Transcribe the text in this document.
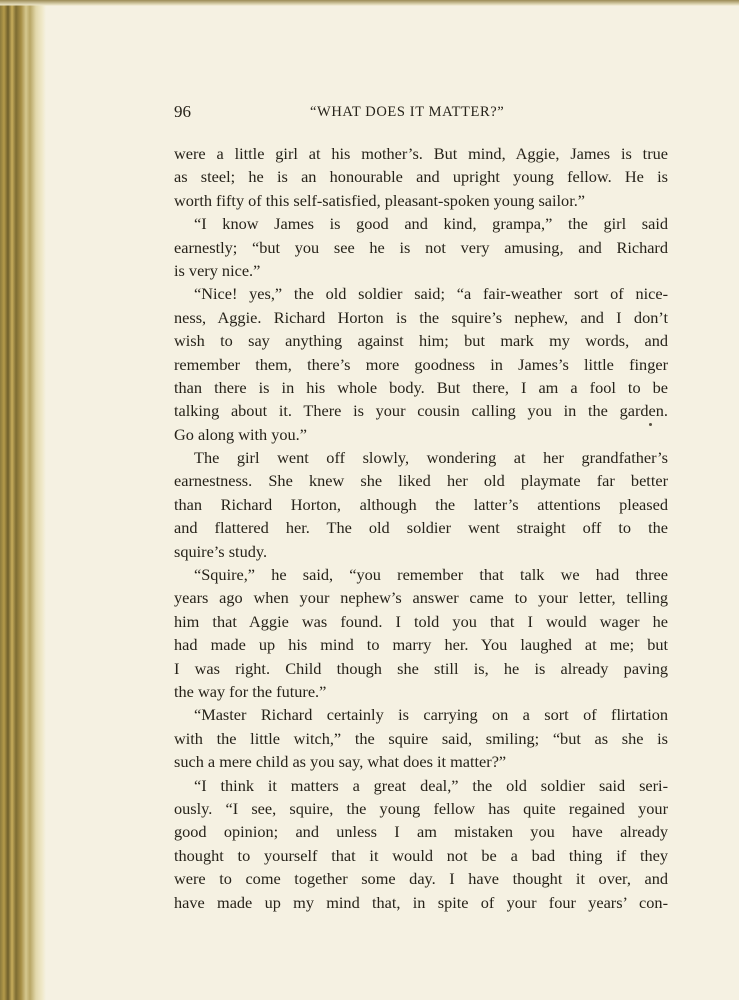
96	“WHAT DOES IT MATTER?”
were a little girl at his mother’s. But mind, Aggie, James is true
as steel; he is an honourable and upright young fellow. He is
worth fifty of this self-satisfied, pleasant-spoken young sailor.”
“I know James is good and kind, grampa,” the girl said
earnestly; “but you see he is not very amusing, and Richard
is very nice.”
“Nice! yes,” the old soldier said; “a fair-weather sort of nice-
ness, Aggie. Richard Horton is the squire’s nephew, and I don’t
wish to say anything against him; but mark my words, and
remember them, there’s more goodness in James’s little finger
than there is in his whole body. But there, I am a fool to be
talking about it. There is your cousin calling you in the garden.
Go along with you.”
The girl went off slowly, wondering at her grandfather’s
earnestness. She knew she liked her old playmate far better
than Richard Horton, although the latter’s attentions pleased
and flattered her. The old soldier went straight off to the
squire’s study.
“Squire,” he said, “you remember that talk we had three
years ago when your nephew’s answer came to your letter, telling
him that Aggie was found. I told you that I would wager he
had made up his mind to marry her. You laughed at me; but
I was right. Child though she still is, he is already paving
the way for the future.”
“Master Richard certainly is carrying on a sort of flirtation
with the little witch,” the squire said, smiling; “but as she is
such a mere child as you say, what does it matter?”
“I think it matters a great deal,” the old soldier said seri-
ously. “I see, squire, the young fellow has quite regained your
good opinion; and unless I am mistaken you have already
thought to yourself that it would not be a bad thing if they
were to come together some day. I have thought it over, and
have made up my mind that, in spite of your four years’ con-
